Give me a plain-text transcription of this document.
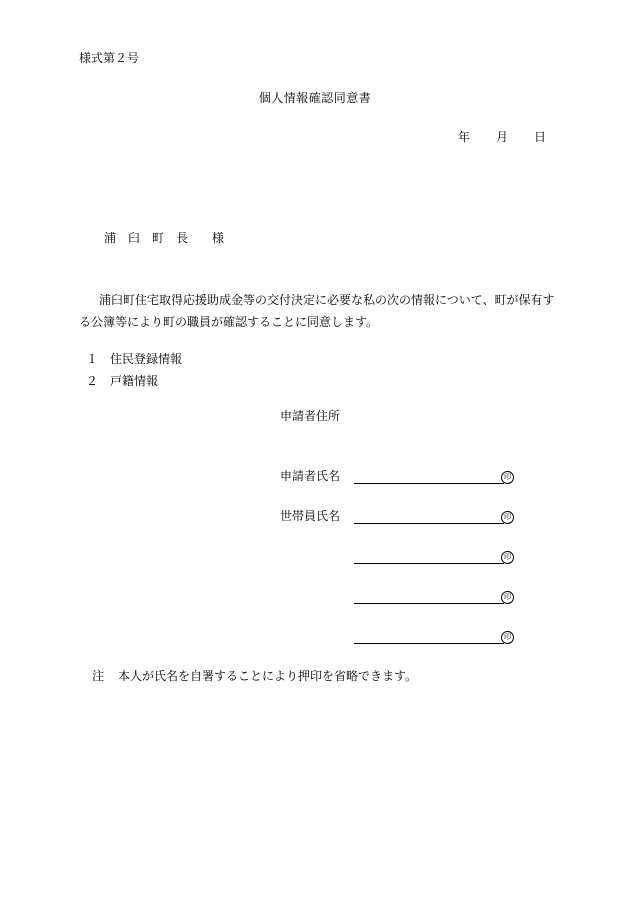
様式第２号
個人情報確認同意書
年 月 日
浦 臼 町 長 様
浦臼町住宅取得応援助成金等の交付決定に必要な私の次の情報について、町が保有する公簿等により町の職員が確認することに同意します。
１ 住民登録情報
２ 戸籍情報
申請者住所
申請者氏名	印
世帯員氏名	印
印
印
印
注 本人が氏名を自署することにより押印を省略できます。
